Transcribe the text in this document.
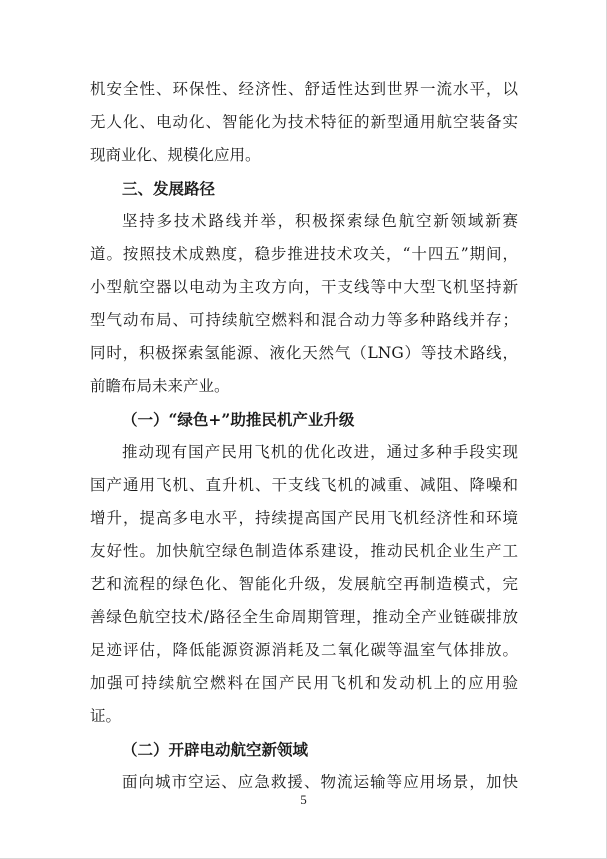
机安全性、环保性、经济性、舒适性达到世界一流水平，以
无人化、电动化、智能化为技术特征的新型通用航空装备实
现商业化、规模化应用。
三、发展路径
坚持多技术路线并举，积极探索绿色航空新领域新赛
道。按照技术成熟度，稳步推进技术攻关，“十四五”期间，
小型航空器以电动为主攻方向，干支线等中大型飞机坚持新
型气动布局、可持续航空燃料和混合动力等多种路线并存；
同时，积极探索氢能源、液化天然气（LNG）等技术路线，
前瞻布局未来产业。
（一）“绿色+”助推民机产业升级
推动现有国产民用飞机的优化改进，通过多种手段实现
国产通用飞机、直升机、干支线飞机的减重、减阻、降噪和
增升，提高多电水平，持续提高国产民用飞机经济性和环境
友好性。加快航空绿色制造体系建设，推动民机企业生产工
艺和流程的绿色化、智能化升级，发展航空再制造模式，完
善绿色航空技术/路径全生命周期管理，推动全产业链碳排放
足迹评估，降低能源资源消耗及二氧化碳等温室气体排放。
加强可持续航空燃料在国产民用飞机和发动机上的应用验
证。
（二）开辟电动航空新领域
面向城市空运、应急救援、物流运输等应用场景，加快
5
